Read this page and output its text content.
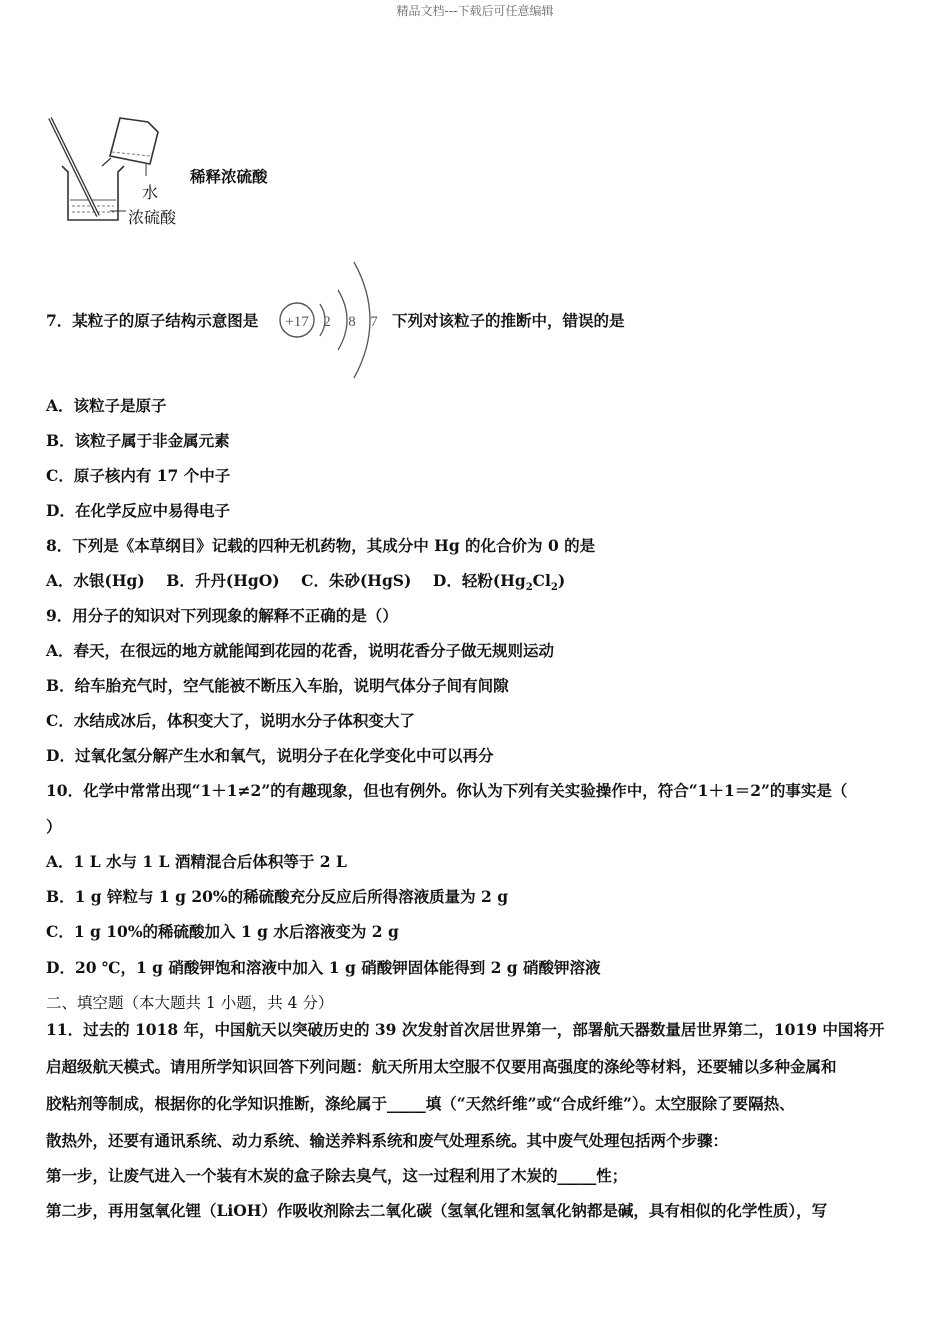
精品文档---下载后可任意编辑
水
浓硫酸
稀释浓硫酸
7．某粒子的原子结构示意图是 +17 2 8 7 下列对该粒子的推断中，错误的是
A．该粒子是原子
B．该粒子属于非金属元素
C．原子核内有 17 个中子
D．在化学反应中易得电子
8．下列是《本草纲目》记载的四种无机药物，其成分中 Hg 的化合价为 0 的是
A．水银(Hg) B．升丹(HgO) C．朱砂(HgS) D．轻粉$(Hg_2Cl_2)$
9．用分子的知识对下列现象的解释不正确的是（）
A．春天，在很远的地方就能闻到花园的花香，说明花香分子做无规则运动
B．给车胎充气时，空气能被不断压入车胎，说明气体分子间有间隙
C．水结成冰后，体积变大了，说明水分子体积变大了
D．过氧化氢分解产生水和氧气，说明分子在化学变化中可以再分
10．化学中常常出现“1＋1≠2”的有趣现象，但也有例外。你认为下列有关实验操作中，符合“1＋1＝2”的事实是（
）
A．1 L 水与 1 L 酒精混合后体积等于 2 L
B．1 g 锌粒与 1 g 20%的稀硫酸充分反应后所得溶液质量为 2 g
C．1 g 10%的稀硫酸加入 1 g 水后溶液变为 2 g
D．20 ℃，1 g 硝酸钾饱和溶液中加入 1 g 硝酸钾固体能得到 2 g 硝酸钾溶液
二、填空题（本大题共 1 小题，共 4 分）
11．过去的 1018 年，中国航天以突破历史的 39 次发射首次居世界第一，部署航天器数量居世界第二，1019 中国将开
启超级航天模式。请用所学知识回答下列问题：航天所用太空服不仅要用高强度的涤纶等材料，还要辅以多种金属和
胶粘剂等制成，根据你的化学知识推断，涤纶属于_____填（“天然纤维”或“合成纤维”）。太空服除了要隔热、
散热外，还要有通讯系统、动力系统、输送养料系统和废气处理系统。其中废气处理包括两个步骤：
第一步，让废气进入一个装有木炭的盒子除去臭气，这一过程利用了木炭的_____性；
第二步，再用氢氧化锂（LiOH）作吸收剂除去二氧化碳（氢氧化锂和氢氧化钠都是碱，具有相似的化学性质），写
